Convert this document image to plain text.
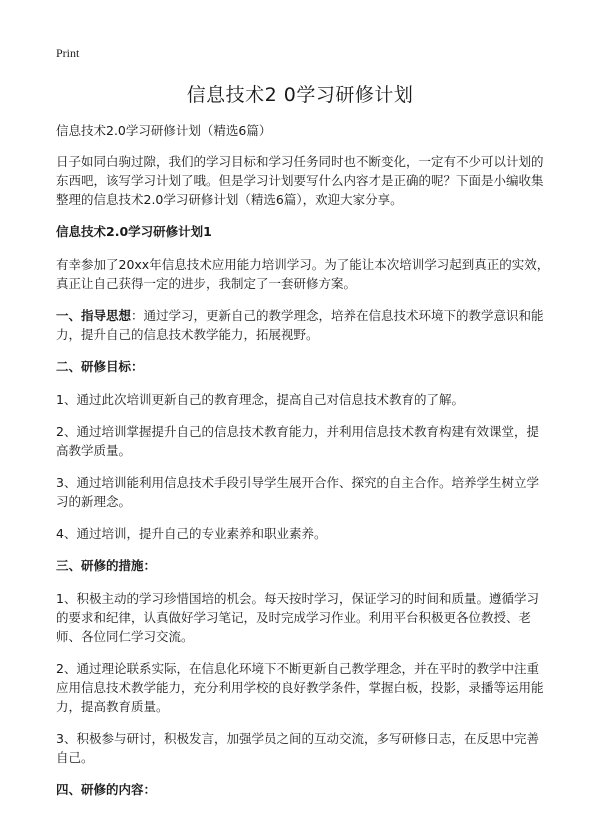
Print
信息技术2 0学习研修计划

信息技术2.0学习研修计划（精选6篇）

日子如同白驹过隙，我们的学习目标和学习任务同时也不断变化，一定有不少可以计划的东西吧，该写学习计划了哦。但是学习计划要写什么内容才是正确的呢？下面是小编收集整理的信息技术2.0学习研修计划（精选6篇），欢迎大家分享。

信息技术2.0学习研修计划1

有幸参加了20xx年信息技术应用能力培训学习。为了能让本次培训学习起到真正的实效，真正让自己获得一定的进步，我制定了一套研修方案。

一、指导思想：通过学习，更新自己的教学理念，培养在信息技术环境下的教学意识和能力，提升自己的信息技术教学能力，拓展视野。

二、研修目标：

1、通过此次培训更新自己的教育理念，提高自己对信息技术教育的了解。

2、通过培训掌握提升自己的信息技术教育能力，并利用信息技术教育构建有效课堂，提高教学质量。

3、通过培训能利用信息技术手段引导学生展开合作、探究的自主合作。培养学生树立学习的新理念。

4、通过培训，提升自己的专业素养和职业素养。

三、研修的措施：

1、积极主动的学习珍惜国培的机会。每天按时学习，保证学习的时间和质量。遵循学习的要求和纪律，认真做好学习笔记，及时完成学习作业。利用平台积极更各位教授、老师、各位同仁学习交流。

2、通过理论联系实际，在信息化环境下不断更新自己教学理念，并在平时的教学中注重应用信息技术教学能力，充分利用学校的良好教学条件，掌握白板，投影，录播等运用能力，提高教育质量。

3、积极参与研讨，积极发言，加强学员之间的互动交流，多写研修日志，在反思中完善自己。

四、研修的内容：
